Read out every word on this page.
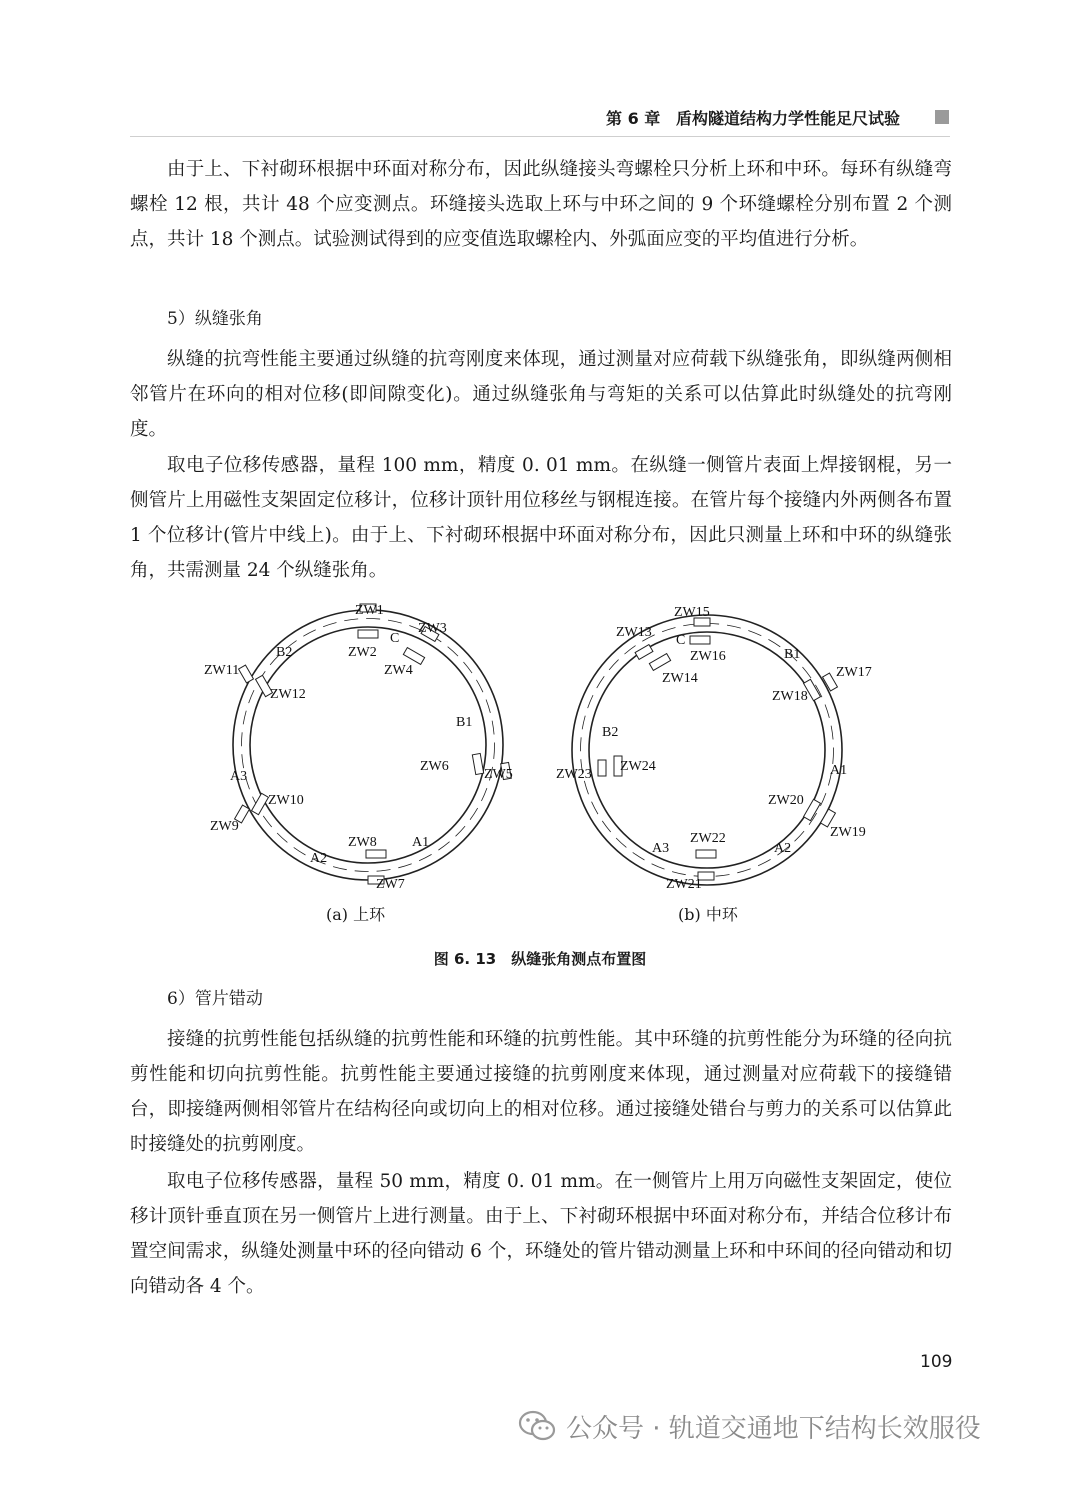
第 6 章 盾构隧道结构力学性能足尺试验

由于上、下衬砌环根据中环面对称分布，因此纵缝接头弯螺栓只分析上环和中环。每环有纵缝弯螺栓 12 根，共计 48 个应变测点。环缝接头选取上环与中环之间的 9 个环缝螺栓分别布置 2 个测点，共计 18 个测点。试验测试得到的应变值选取螺栓内、外弧面应变的平均值进行分析。

5）纵缝张角

纵缝的抗弯性能主要通过纵缝的抗弯刚度来体现，通过测量对应荷载下纵缝张角，即纵缝两侧相邻管片在环向的相对位移(即间隙变化)。通过纵缝张角与弯矩的关系可以估算此时纵缝处的抗弯刚度。

取电子位移传感器，量程 100 mm，精度 0. 01 mm。在纵缝一侧管片表面上焊接钢棍，另一侧管片上用磁性支架固定位移计，位移计顶针用位移丝与钢棍连接。在管片每个接缝内外两侧各布置 1 个位移计(管片中线上)。由于上、下衬砌环根据中环面对称分布，因此只测量上环和中环的纵缝张角，共需测量 24 个纵缝张角。

ZW1
ZW2
ZW3
ZW4
ZW5
ZW6
ZW7
ZW8
ZW9
ZW10
ZW11
ZW12
B2
B1
A3
A2
A1
C
ZW15
ZW13
ZW16
ZW14	ZW17
ZW18
ZW19
ZW20
ZW21
ZW22
ZW23
ZW24
B1
B2
A1
A2
A3
C
(a) 上环	(b) 中环
图 6. 13　纵缝张角测点布置图

6）管片错动

接缝的抗剪性能包括纵缝的抗剪性能和环缝的抗剪性能。其中环缝的抗剪性能分为环缝的径向抗剪性能和切向抗剪性能。抗剪性能主要通过接缝的抗剪刚度来体现，通过测量对应荷载下的接缝错台，即接缝两侧相邻管片在结构径向或切向上的相对位移。通过接缝处错台与剪力的关系可以估算此时接缝处的抗剪刚度。

取电子位移传感器，量程 50 mm，精度 0. 01 mm。在一侧管片上用万向磁性支架固定，使位移计顶针垂直顶在另一侧管片上进行测量。由于上、下衬砌环根据中环面对称分布，并结合位移计布置空间需求，纵缝处测量中环的径向错动 6 个，环缝处的管片错动测量上环和中环间的径向错动和切向错动各 4 个。

109
公众号 · 轨道交通地下结构长效服役
